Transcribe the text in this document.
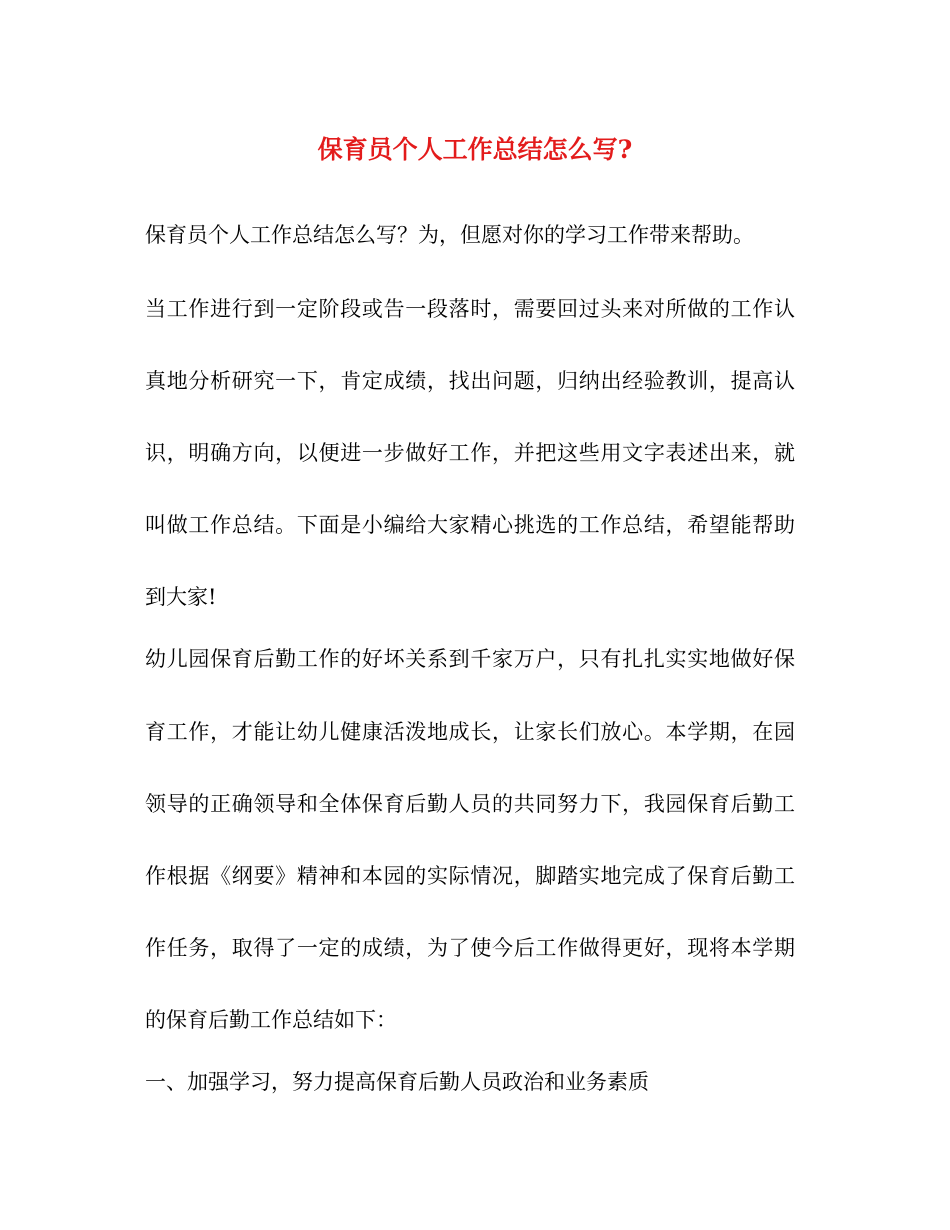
保育员个人工作总结怎么写?
保育员个人工作总结怎么写？为，但愿对你的学习工作带来帮助。
当工作进行到一定阶段或告一段落时，需要回过头来对所做的工作认
真地分析研究一下，肯定成绩，找出问题，归纳出经验教训，提高认
识，明确方向，以便进一步做好工作，并把这些用文字表述出来，就
叫做工作总结。下面是小编给大家精心挑选的工作总结，希望能帮助
到大家!
幼儿园保育后勤工作的好坏关系到千家万户，只有扎扎实实地做好保
育工作，才能让幼儿健康活泼地成长，让家长们放心。本学期，在园
领导的正确领导和全体保育后勤人员的共同努力下，我园保育后勤工
作根据《纲要》精神和本园的实际情况，脚踏实地完成了保育后勤工
作任务，取得了一定的成绩，为了使今后工作做得更好，现将本学期
的保育后勤工作总结如下：
一、加强学习，努力提高保育后勤人员政治和业务素质
